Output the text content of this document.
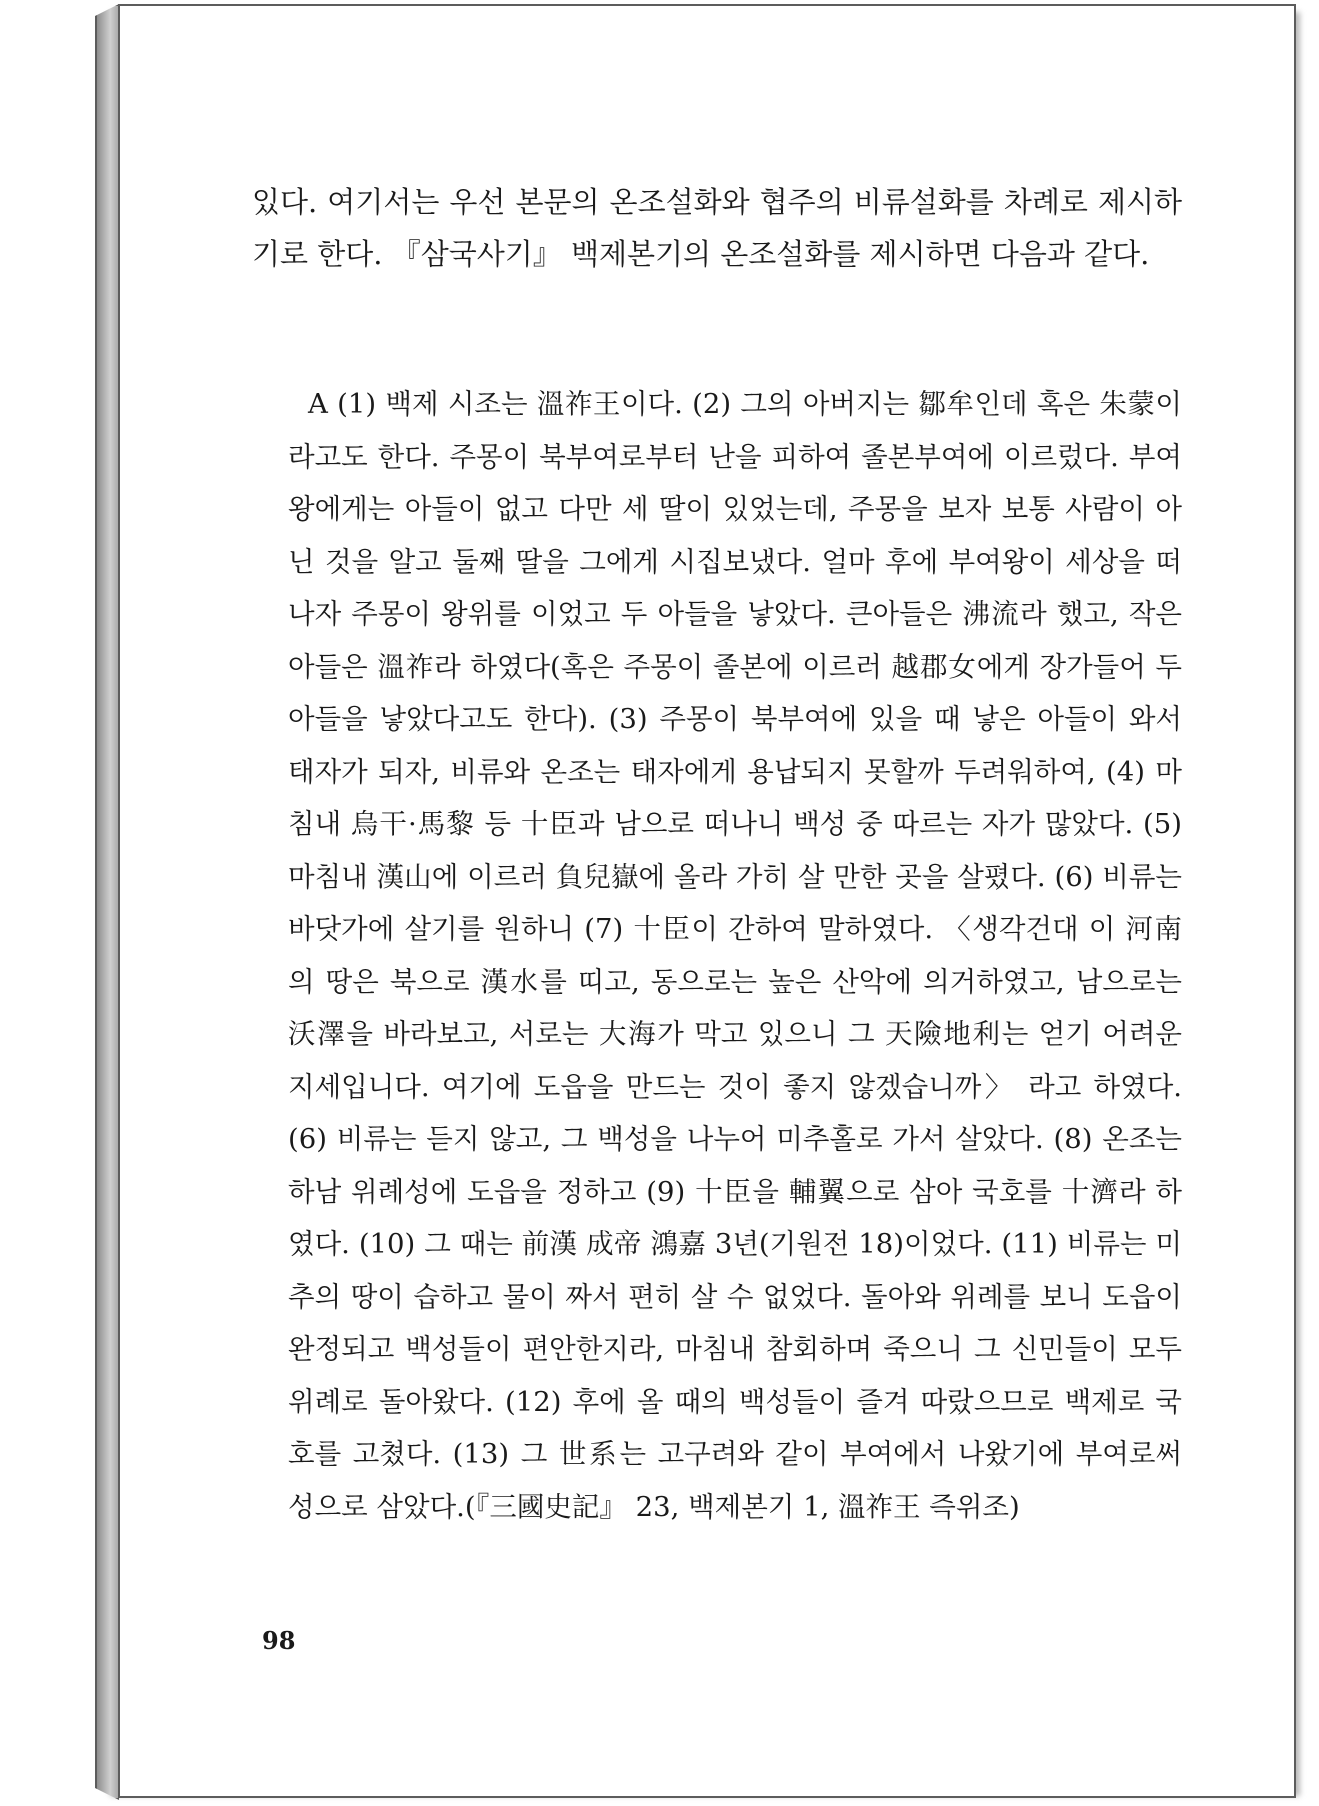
있다. 여기서는 우선 본문의 온조설화와 협주의 비류설화를 차례로 제시하기로 한다. 『삼국사기』 백제본기의 온조설화를 제시하면 다음과 같다.

A (1) 백제 시조는 溫祚王이다. (2) 그의 아버지는 鄒牟인데 혹은 朱蒙이라고도 한다. 주몽이 북부여로부터 난을 피하여 졸본부여에 이르렀다. 부여왕에게는 아들이 없고 다만 세 딸이 있었는데, 주몽을 보자 보통 사람이 아닌 것을 알고 둘째 딸을 그에게 시집보냈다. 얼마 후에 부여왕이 세상을 떠나자 주몽이 왕위를 이었고 두 아들을 낳았다. 큰아들은 沸流라 했고, 작은 아들은 溫祚라 하였다(혹은 주몽이 졸본에 이르러 越郡女에게 장가들어 두 아들을 낳았다고도 한다). (3) 주몽이 북부여에 있을 때 낳은 아들이 와서 태자가 되자, 비류와 온조는 태자에게 용납되지 못할까 두려워하여, (4) 마침내 烏干·馬黎 등 十臣과 남으로 떠나니 백성 중 따르는 자가 많았다. (5) 마침내 漢山에 이르러 負兒嶽에 올라 가히 살 만한 곳을 살폈다. (6) 비류는 바닷가에 살기를 원하니 (7) 十臣이 간하여 말하였다. 〈생각건대 이 河南의 땅은 북으로 漢水를 띠고, 동으로는 높은 산악에 의거하였고, 남으로는 沃澤을 바라보고, 서로는 大海가 막고 있으니 그 天險地利는 얻기 어려운 지세입니다. 여기에 도읍을 만드는 것이 좋지 않겠습니까〉 라고 하였다. (6) 비류는 듣지 않고, 그 백성을 나누어 미추홀로 가서 살았다. (8) 온조는 하남 위례성에 도읍을 정하고 (9) 十臣을 輔翼으로 삼아 국호를 十濟라 하였다. (10) 그 때는 前漢 成帝 鴻嘉 3년(기원전 18)이었다. (11) 비류는 미추의 땅이 습하고 물이 짜서 편히 살 수 없었다. 돌아와 위례를 보니 도읍이 완정되고 백성들이 편안한지라, 마침내 참회하며 죽으니 그 신민들이 모두 위례로 돌아왔다. (12) 후에 올 때의 백성들이 즐겨 따랐으므로 백제로 국호를 고쳤다. (13) 그 世系는 고구려와 같이 부여에서 나왔기에 부여로써 성으로 삼았다.(『三國史記』 23, 백제본기 1, 溫祚王 즉위조)

98
